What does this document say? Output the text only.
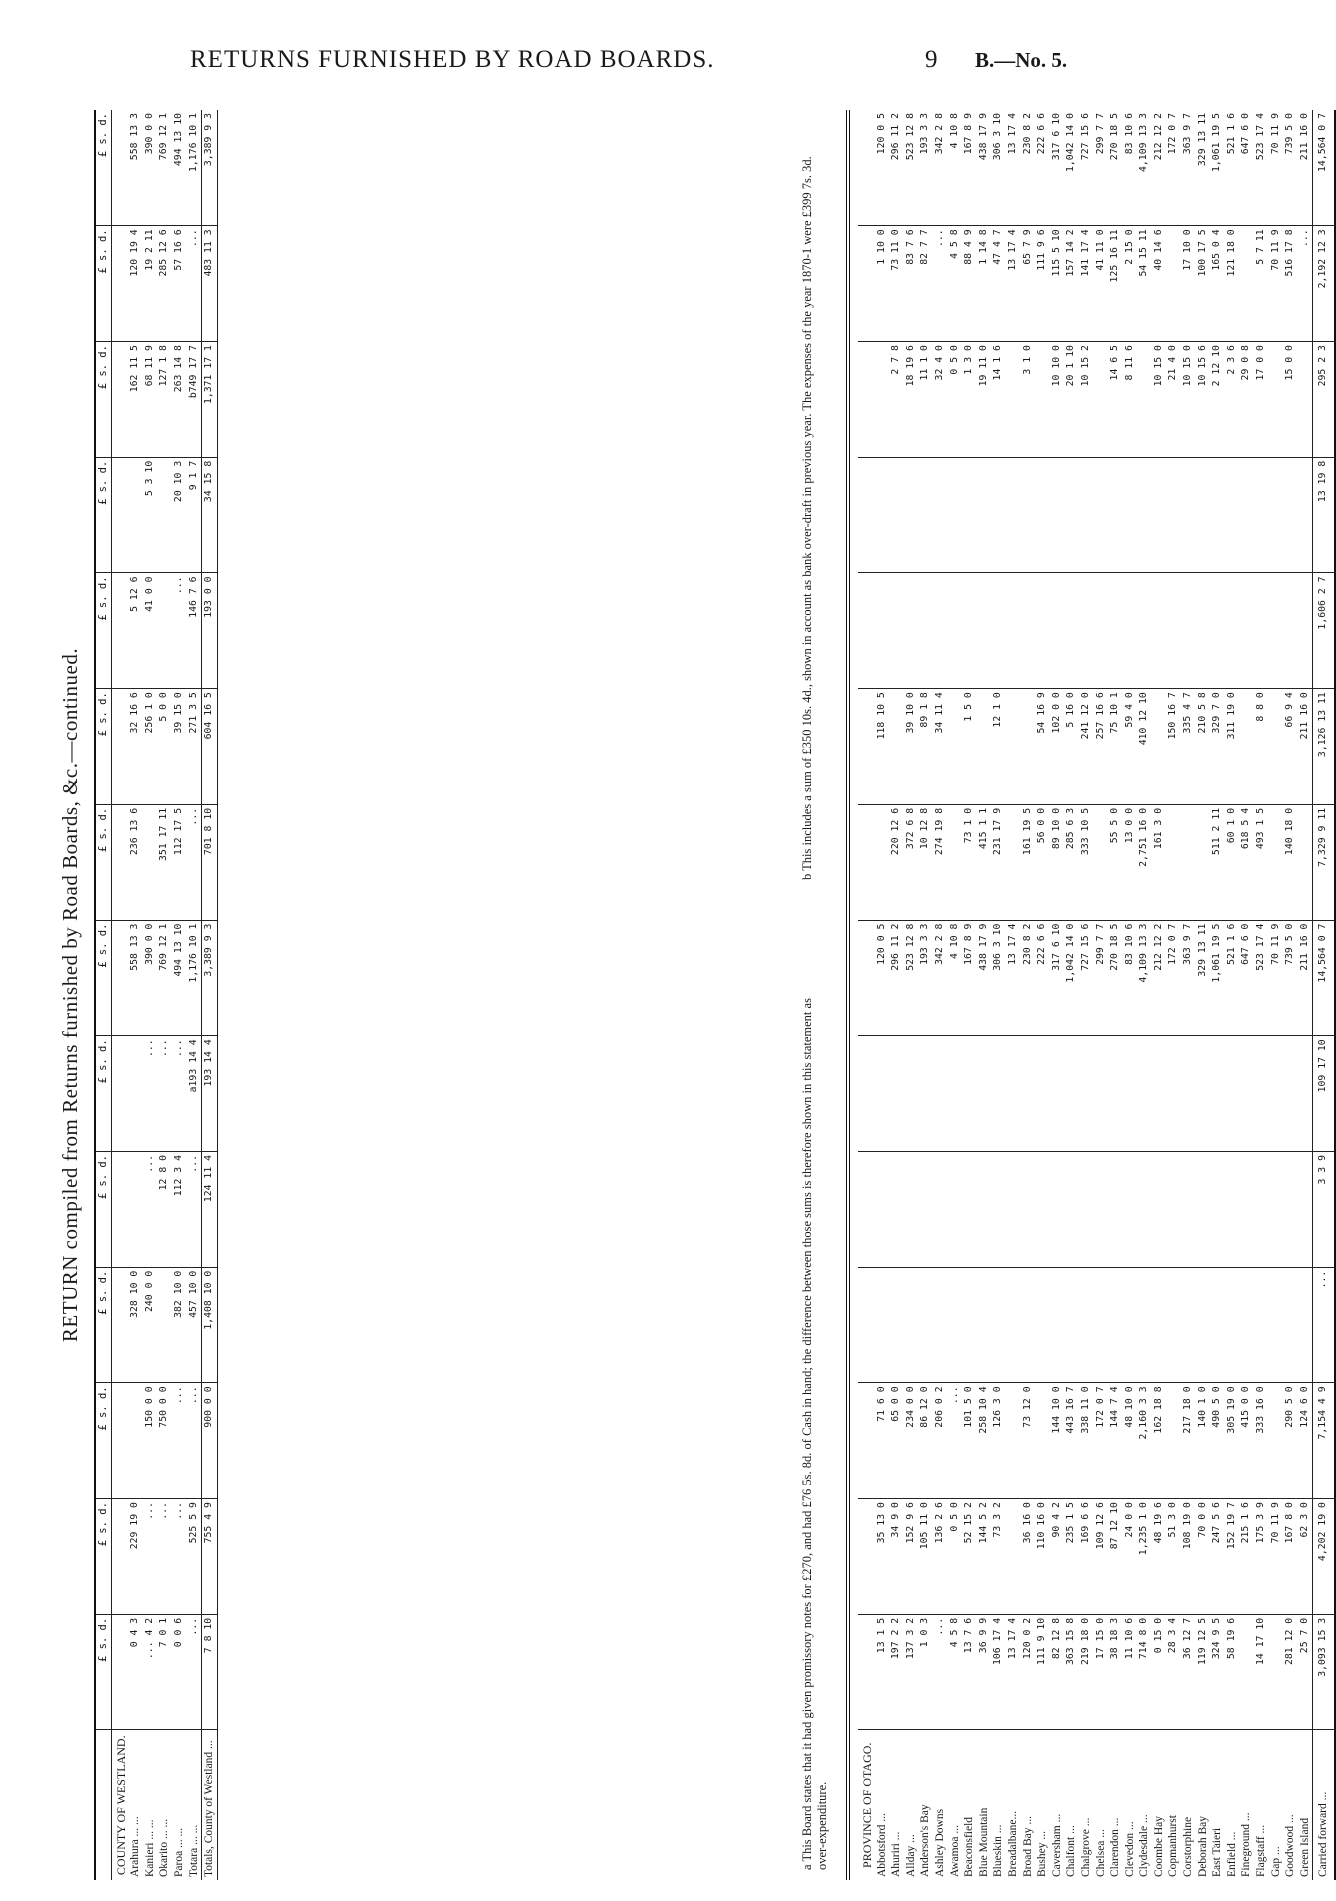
RETURNS FURNISHED BY ROAD BOARDS.	9 B.—No. 5.
RETURN compiled from Returns furnished by Road Boards, &c.—continued.
	£ s. d.	£ s. d.	£ s. d.	£ s. d.	£ s. d.	£ s. d.	£ s. d.	£ s. d.	£ s. d.	£ s. d.	£ s. d.	£ s. d.	£ s. d.	£ s. d.
COUNTY OF WESTLAND.														
Arahura ... ...	0 4 3	229 19 0		328 10 0			558 13 3	236 13 6	32 16 6	5 12 6		162 11 5	120 19 4	558 13 3
Kanieri ... ...	... 4 2	...	150 0 0	240 0 0	...	...	390 0 0		256 1 0	41 0 0	5 3 10	68 11 9	19 2 11	390 0 0
Okarito ... ...	7 0 1	...	750 0 0		12 8 0	...	769 12 1	351 17 11	5 0 0			127 1 8	285 12 6	769 12 1
Paroa ... ...	0 0 6	...	...	382 10 0	112 3 4	...	494 13 10	112 17 5	39 15 0	...	20 10 3	263 14 8	57 16 6	494 13 10
Totara ... ...	...	525 5 9	...	457 10 0	...	a193 14 4	1,176 10 1	...	271 3 5	146 7 6	9 1 7	b749 17 7	...	1,176 10 1
Totals, County of Westland ...	7 8 10	755 4 9	900 0 0	1,408 10 0	124 11 4	193 14 4	3,389 9 3	701 8 10	604 16 5	193 0 0	34 15 8	1,371 17 1	483 11 3	3,389 9 3
a This Board states that it had given promissory notes for £270, and had £76 5s. 8d. of Cash in hand; the difference between those sums is therefore shown in this statement as over-expenditure.
b This includes a sum of £350 10s. 4d., shown in account as bank over-draft in previous year. The expenses of the year 1870-1 were £399 7s. 3d.
PROVINCE OF OTAGO.														
Abbotsford ...	13 1 5	35 13 0	71 6 0				120 0 5		118 10 5				1 10 0	120 0 5
Ahuriri ...	197 2 2	34 9 0	65 0 0				296 11 2	220 12 6				2 7 8	73 11 0	296 11 2
Allday ...	137 3 2	152 9 6	234 0 0				523 12 8	372 6 8	39 10 0			18 19 6	83 7 6	523 12 8
Anderson's Bay	1 0 3	105 11 0	86 12 0				193 3 3	10 12 8	89 1 8			11 1 0	82 7 7	193 3 3
Ashley Downs	...	136 2 6	206 0 2				342 2 8	274 19 8	34 11 4			32 4 0	...	342 2 8
Awamoa ...	4 5 8	0 5 0	...				4 10 8					0 5 0	4 5 8	4 10 8
Beaconsfield	13 7 6	52 15 2	101 5 0				167 8 9	73 1 0	1 5 0			1 3 0	88 4 9	167 8 9
Blue Mountain	36 9 9	144 5 2	258 10 4				438 17 9	415 1 1				19 11 0	1 14 8	438 17 9
Blueskin ...	106 17 4	73 3 2	126 3 0				306 3 10	231 17 9	12 1 0			14 1 6	47 4 7	306 3 10
Breadalbane...	13 17 4						13 17 4						13 17 4	13 17 4
Broad Bay ...	120 0 2	36 16 0	73 12 0				230 8 2	161 19 5				3 1 0	65 7 9	230 8 2
Bushey ...	111 9 10	110 16 0					222 6 6	56 0 0	54 16 9				111 9 6	222 6 6
Caversham ...	82 12 8	90 4 2	144 10 0				317 6 10	89 10 0	102 0 0			10 10 0	115 5 10	317 6 10
Chalfont ...	363 15 8	235 1 5	443 16 7				1,042 14 0	285 6 3	5 16 0			20 1 10	157 14 2	1,042 14 0
Chalgrove ...	219 18 0	169 6 6	338 11 0				727 15 6	333 10 5	241 12 0			10 15 2	141 17 4	727 15 6
Chelsea ...	17 15 0	109 12 6	172 0 7				299 7 7		257 16 6				41 11 0	299 7 7
Clarendon ...	38 18 3	87 12 10	144 7 4				270 18 5	55 5 0	75 10 1			14 6 5	125 16 11	270 18 5
Clevedon ...	11 10 6	24 0 0	48 10 0				83 10 6	13 0 0	59 4 0			8 11 6	2 15 0	83 10 6
Clydesdale ...	714 8 0	1,235 1 0	2,160 3 3				4,109 13 3	2,751 16 0	410 12 10				54 15 11	4,109 13 3
Coombe Hay	0 15 0	48 19 6	162 18 8				212 12 2	161 3 0				10 15 0	40 14 6	212 12 2
Copmanhurst	28 3 4	51 3 0					172 0 7		150 16 7			21 4 0		172 0 7
Corstorphine	36 12 7	108 19 0	217 18 0				363 9 7		335 4 7			10 15 0	17 10 0	363 9 7
Deborah Bay	119 12 5	70 0 0	140 1 0				329 13 11		210 5 8			10 15 6	100 17 5	329 13 11
East Taieri	324 9 5	247 5 6	490 5 0				1,061 19 5	511 2 11	329 7 0			2 12 10	165 0 4	1,061 19 5
Enfield ...	58 19 6	152 19 7	305 19 0				521 1 6	60 1 0	311 19 0			2 3 6	121 18 0	521 1 6
Fineground ...		215 1 6	415 0 0				647 6 0	618 5 4				29 0 8		647 6 0
Flagstaff ...	14 17 10	175 3 9	333 16 0				523 17 4	493 1 5	8 8 0			17 0 0	5 7 11	523 17 4
Gap ...		70 11 9					70 11 9						70 11 9	70 11 9
Goodwood ...	281 12 0	167 8 0	290 5 0				739 5 0	140 18 0	66 9 4			15 0 0	516 17 8	739 5 0
Green Island	25 7 0	62 3 0	124 6 0				211 16 0		211 16 0				...	211 16 0
Carried forward ...	3,093 15 3	4,202 19 0	7,154 4 9	...	3 3 9	109 17 10	14,564 0 7	7,329 9 11	3,126 13 11	1,606 2 7	13 19 8	295 2 3	2,192 12 3	14,564 0 7
